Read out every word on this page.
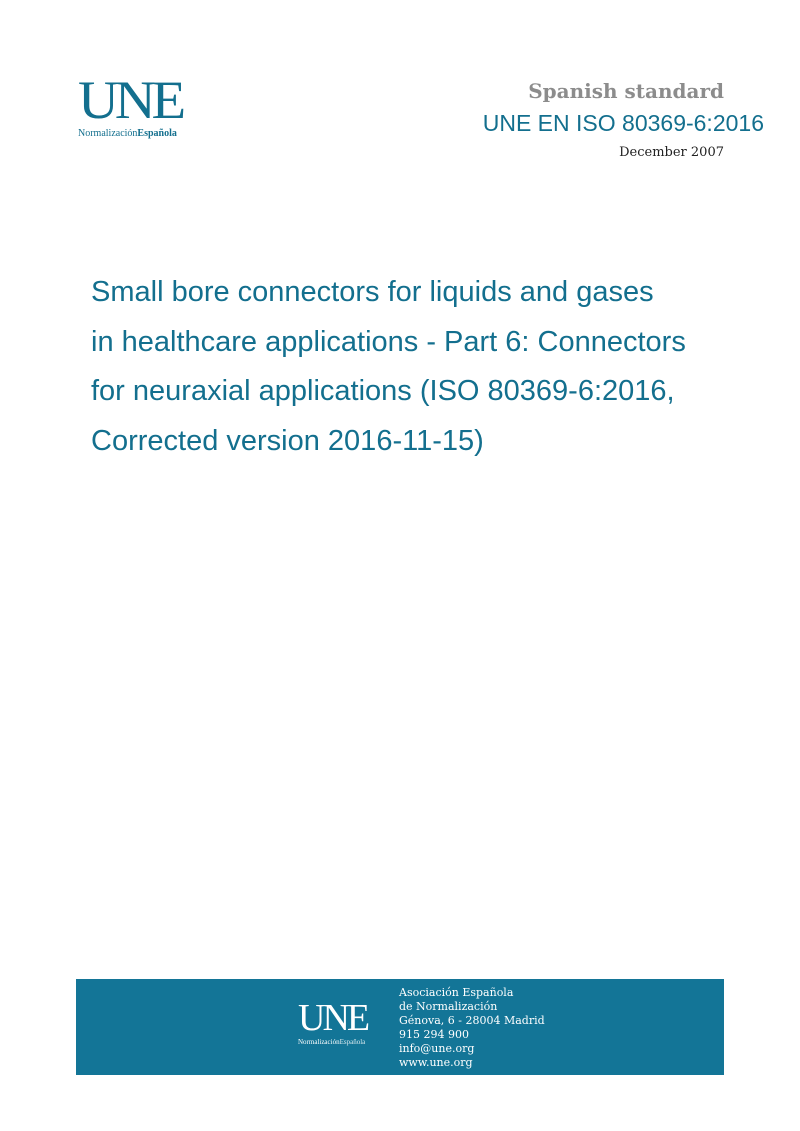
UNE
NormalizaciónEspañola
Spanish standard
UNE EN ISO 80369-6:2016
December 2007
Small bore connectors for liquids and gases
in healthcare applications - Part 6: Connectors
for neuraxial applications (ISO 80369-6:2016,
Corrected version 2016-11-15)
UNE
NormalizaciónEspañola
Asociación Española
de Normalización
Génova, 6 - 28004 Madrid
915 294 900
info@une.org
www.une.org
